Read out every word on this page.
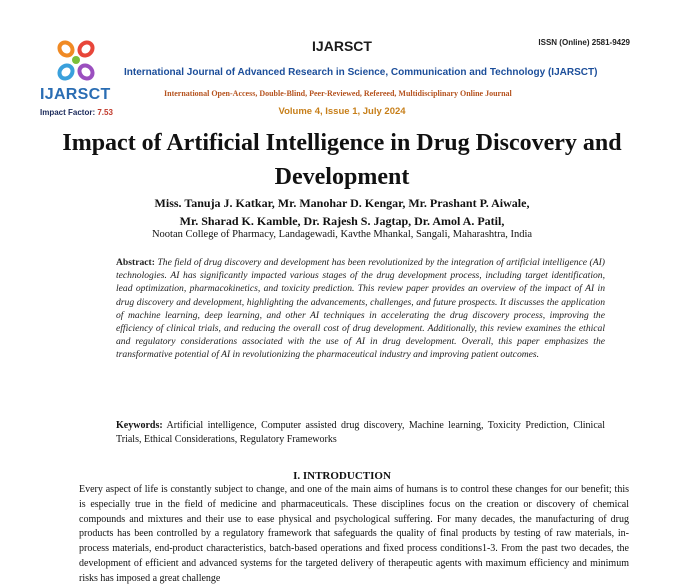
IJARSCT
Impact Factor: 7.53
IJARSCT	ISSN (Online) 2581-9429
International Journal of Advanced Research in Science, Communication and Technology (IJARSCT)
International Open-Access, Double-Blind, Peer-Reviewed, Refereed, Multidisciplinary Online Journal
Volume 4, Issue 1, July 2024
Impact of Artificial Intelligence in Drug Discovery and Development
Miss. Tanuja J. Katkar, Mr. Manohar D. Kengar, Mr. Prashant P. Aiwale,
Mr. Sharad K. Kamble, Dr. Rajesh S. Jagtap, Dr. Amol A. Patil,
Nootan College of Pharmacy, Landagewadi, Kavthe Mhankal, Sangali, Maharashtra, India
Abstract: The field of drug discovery and development has been revolutionized by the integration of artificial intelligence (AI) technologies. AI has significantly impacted various stages of the drug development process, including target identification, lead optimization, pharmacokinetics, and toxicity prediction. This review paper provides an overview of the impact of AI in drug discovery and development, highlighting the advancements, challenges, and future prospects. It discusses the application of machine learning, deep learning, and other AI techniques in accelerating the drug discovery process, improving the efficiency of clinical trials, and reducing the overall cost of drug development. Additionally, this review examines the ethical and regulatory considerations associated with the use of AI in drug development. Overall, this paper emphasizes the transformative potential of AI in revolutionizing the pharmaceutical industry and improving patient outcomes.
Keywords: Artificial intelligence, Computer assisted drug discovery, Machine learning, Toxicity Prediction, Clinical Trials, Ethical Considerations, Regulatory Frameworks
I. INTRODUCTION
Every aspect of life is constantly subject to change, and one of the main aims of humans is to control these changes for our benefit; this is especially true in the field of medicine and pharmaceuticals. These disciplines focus on the creation or discovery of chemical compounds and mixtures and their use to ease physical and psychological suffering. For many decades, the manufacturing of drug products has been controlled by a regulatory framework that safeguards the quality of final products by testing of raw materials, in-process materials, end-product characteristics, batch-based operations and fixed process conditions1-3. From the past two decades, the development of efficient and advanced systems for the targeted delivery of therapeutic agents with maximum efficiency and minimum risks has imposed a great challenge
